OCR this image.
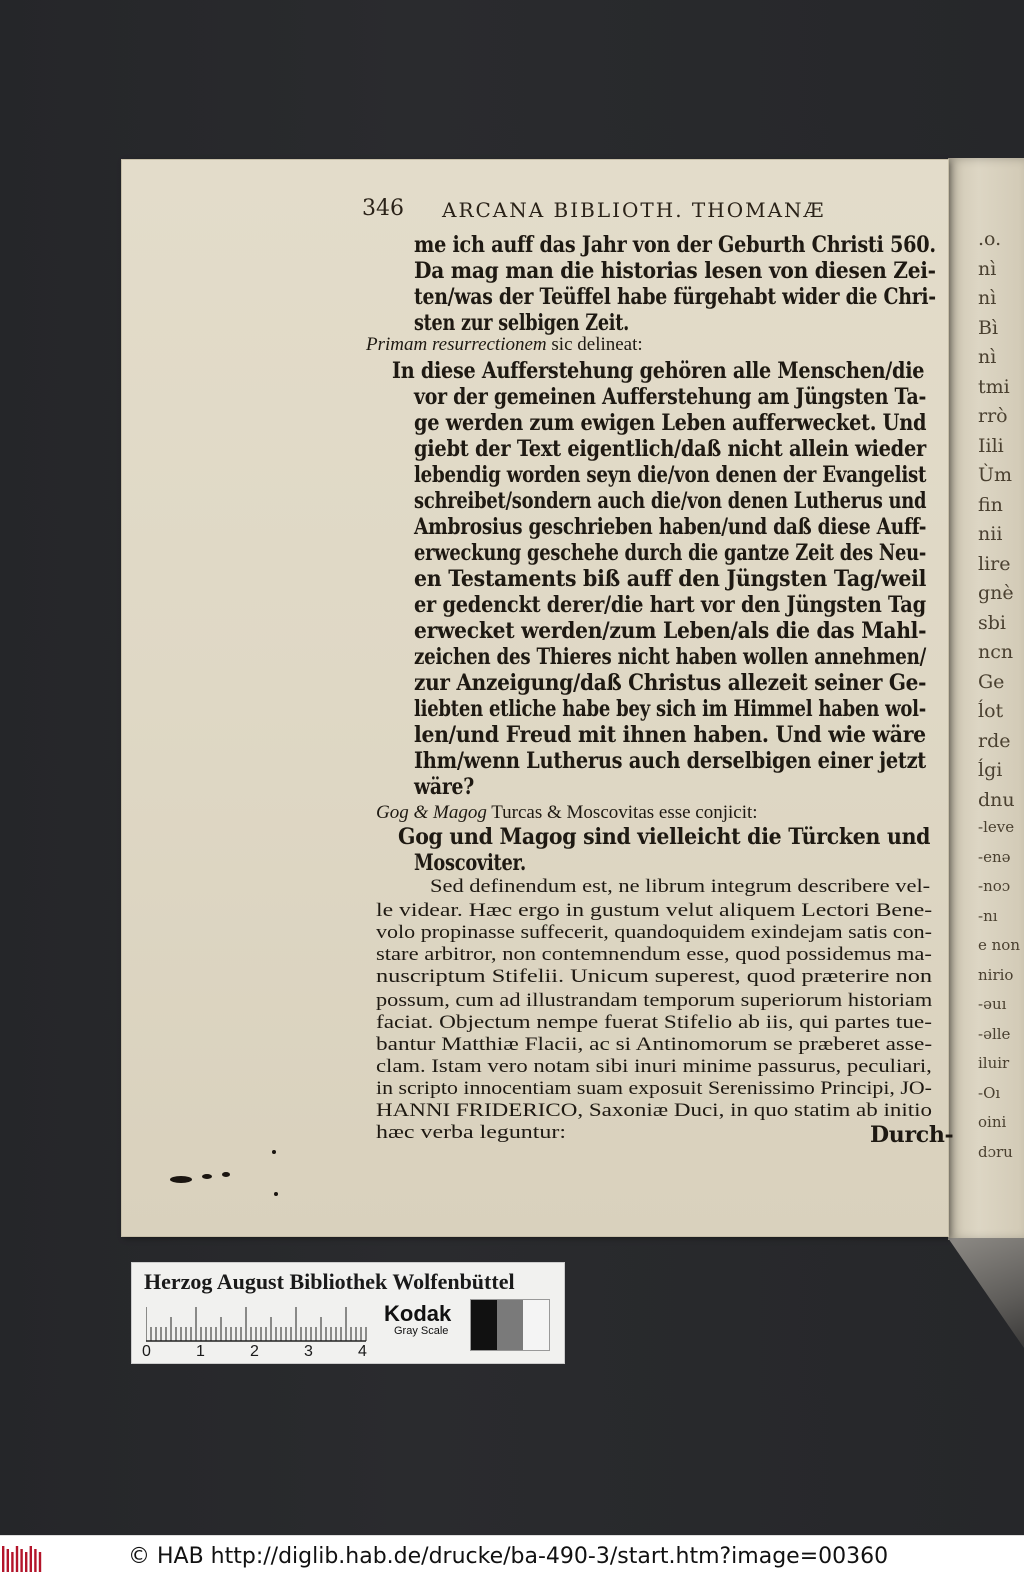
.o.
nì
nì
Bì
nì
tmi
rrò
Iili
Ùm
fin
nii
lire
gnè
sbi
ncn
Ge
ĺot
rde
ĺgi
dnu
-leve
-enə
-noɔ
-nı
e non
nirio
-əuı
-əlle
iluir
-Oı
oini
dɔru
346 ARCANA BIBLIOTH. THOMANÆ
me ich auff das Jahr von der Geburth Christi 560.
Da mag man die historias lesen von diesen Zei-
ten/was der Teüffel habe fürgehabt wider die Chri-
sten zur selbigen Zeit.
Primam resurrectionem sic delineat:
In diese Aufferstehung gehören alle Menschen/die
vor der gemeinen Aufferstehung am Jüngsten Ta-
ge werden zum ewigen Leben aufferwecket. Und
giebt der Text eigentlich/daß nicht allein wieder
lebendig worden seyn die/von denen der Evangelist
schreibet/sondern auch die/von denen Lutherus und
Ambrosius geschrieben haben/und daß diese Auff-
erweckung geschehe durch die gantze Zeit des Neu-
en Testaments biß auff den Jüngsten Tag/weil
er gedenckt derer/die hart vor den Jüngsten Tag
erwecket werden/zum Leben/als die das Mahl-
zeichen des Thieres nicht haben wollen annehmen/
zur Anzeigung/daß Christus allezeit seiner Ge-
liebten etliche habe bey sich im Himmel haben wol-
len/und Freud mit ihnen haben. Und wie wäre
Ihm/wenn Lutherus auch derselbigen einer jetzt
wäre?
Gog & Magog Turcas & Moscovitas esse conjicit:
Gog und Magog sind vielleicht die Türcken und
Moscoviter.
Sed definendum est, ne librum integrum describere vel-
le videar. Hæc ergo in gustum velut aliquem Lectori Bene-
volo propinasse suffecerit, quandoquidem exindejam satis con-
stare arbitror, non contemnendum esse, quod possidemus ma-
nuscriptum Stifelii. Unicum superest, quod præterire non
possum, cum ad illustrandam temporum superiorum historiam
faciat. Objectum nempe fuerat Stifelio ab iis, qui partes tue-
bantur Matthiæ Flacii, ac si Antinomorum se præberet asse-
clam. Istam vero notam sibi inuri minime passurus, peculiari,
in scripto innocentiam suam exposuit Serenissimo Principi, JO-
HANNI FRIDERICO, Saxoniæ Duci, in quo statim ab initio
hæc verba leguntur:	Durch-
Herzog August Bibliothek Wolfenbüttel
0	1	2	3	4
Kodak
Gray Scale
© HAB http://diglib.hab.de/drucke/ba-490-3/start.htm?image=00360
